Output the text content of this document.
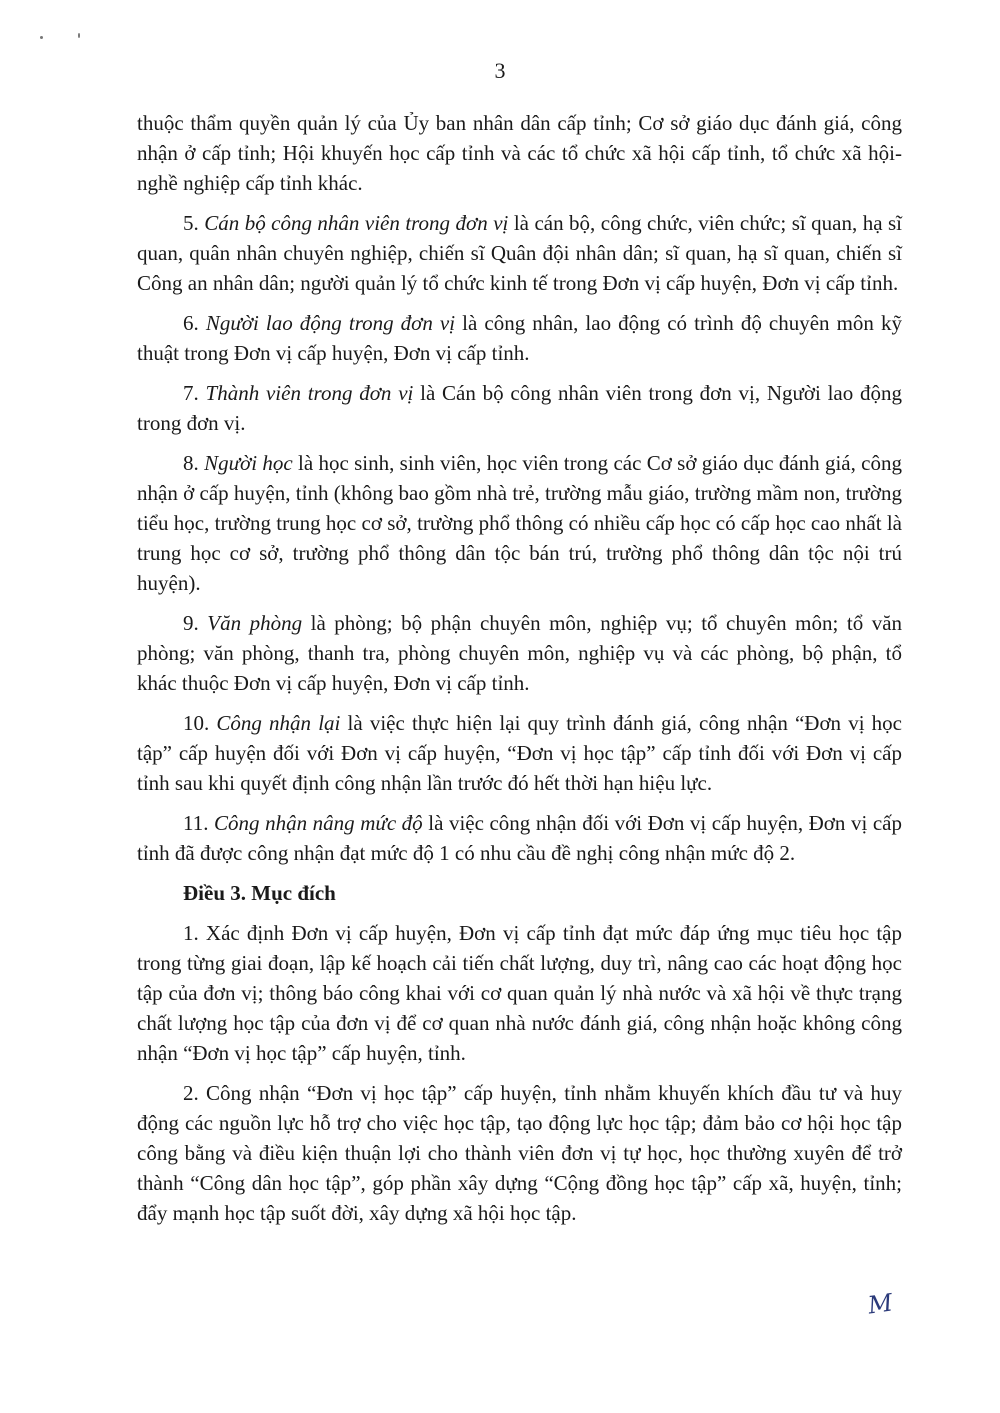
3

thuộc thẩm quyền quản lý của Ủy ban nhân dân cấp tỉnh; Cơ sở giáo dục đánh giá, công nhận ở cấp tỉnh; Hội khuyến học cấp tỉnh và các tổ chức xã hội cấp tỉnh, tổ chức xã hội-nghề nghiệp cấp tỉnh khác.

5. Cán bộ công nhân viên trong đơn vị là cán bộ, công chức, viên chức; sĩ quan, hạ sĩ quan, quân nhân chuyên nghiệp, chiến sĩ Quân đội nhân dân; sĩ quan, hạ sĩ quan, chiến sĩ Công an nhân dân; người quản lý tổ chức kinh tế trong Đơn vị cấp huyện, Đơn vị cấp tỉnh.

6. Người lao động trong đơn vị là công nhân, lao động có trình độ chuyên môn kỹ thuật trong Đơn vị cấp huyện, Đơn vị cấp tỉnh.

7. Thành viên trong đơn vị là Cán bộ công nhân viên trong đơn vị, Người lao động trong đơn vị.

8. Người học là học sinh, sinh viên, học viên trong các Cơ sở giáo dục đánh giá, công nhận ở cấp huyện, tỉnh (không bao gồm nhà trẻ, trường mẫu giáo, trường mầm non, trường tiểu học, trường trung học cơ sở, trường phổ thông có nhiều cấp học có cấp học cao nhất là trung học cơ sở, trường phổ thông dân tộc bán trú, trường phổ thông dân tộc nội trú huyện).

9. Văn phòng là phòng; bộ phận chuyên môn, nghiệp vụ; tổ chuyên môn; tổ văn phòng; văn phòng, thanh tra, phòng chuyên môn, nghiệp vụ và các phòng, bộ phận, tổ khác thuộc Đơn vị cấp huyện, Đơn vị cấp tỉnh.

10. Công nhận lại là việc thực hiện lại quy trình đánh giá, công nhận “Đơn vị học tập” cấp huyện đối với Đơn vị cấp huyện, “Đơn vị học tập” cấp tỉnh đối với Đơn vị cấp tỉnh sau khi quyết định công nhận lần trước đó hết thời hạn hiệu lực.

11. Công nhận nâng mức độ là việc công nhận đối với Đơn vị cấp huyện, Đơn vị cấp tỉnh đã được công nhận đạt mức độ 1 có nhu cầu đề nghị công nhận mức độ 2.

Điều 3. Mục đích

1. Xác định Đơn vị cấp huyện, Đơn vị cấp tỉnh đạt mức đáp ứng mục tiêu học tập trong từng giai đoạn, lập kế hoạch cải tiến chất lượng, duy trì, nâng cao các hoạt động học tập của đơn vị; thông báo công khai với cơ quan quản lý nhà nước và xã hội về thực trạng chất lượng học tập của đơn vị để cơ quan nhà nước đánh giá, công nhận hoặc không công nhận “Đơn vị học tập” cấp huyện, tỉnh.

2. Công nhận “Đơn vị học tập” cấp huyện, tỉnh nhằm khuyến khích đầu tư và huy động các nguồn lực hỗ trợ cho việc học tập, tạo động lực học tập; đảm bảo cơ hội học tập công bằng và điều kiện thuận lợi cho thành viên đơn vị tự học, học thường xuyên để trở thành “Công dân học tập”, góp phần xây dựng “Cộng đồng học tập” cấp xã, huyện, tỉnh; đẩy mạnh học tập suốt đời, xây dựng xã hội học tập.

M
